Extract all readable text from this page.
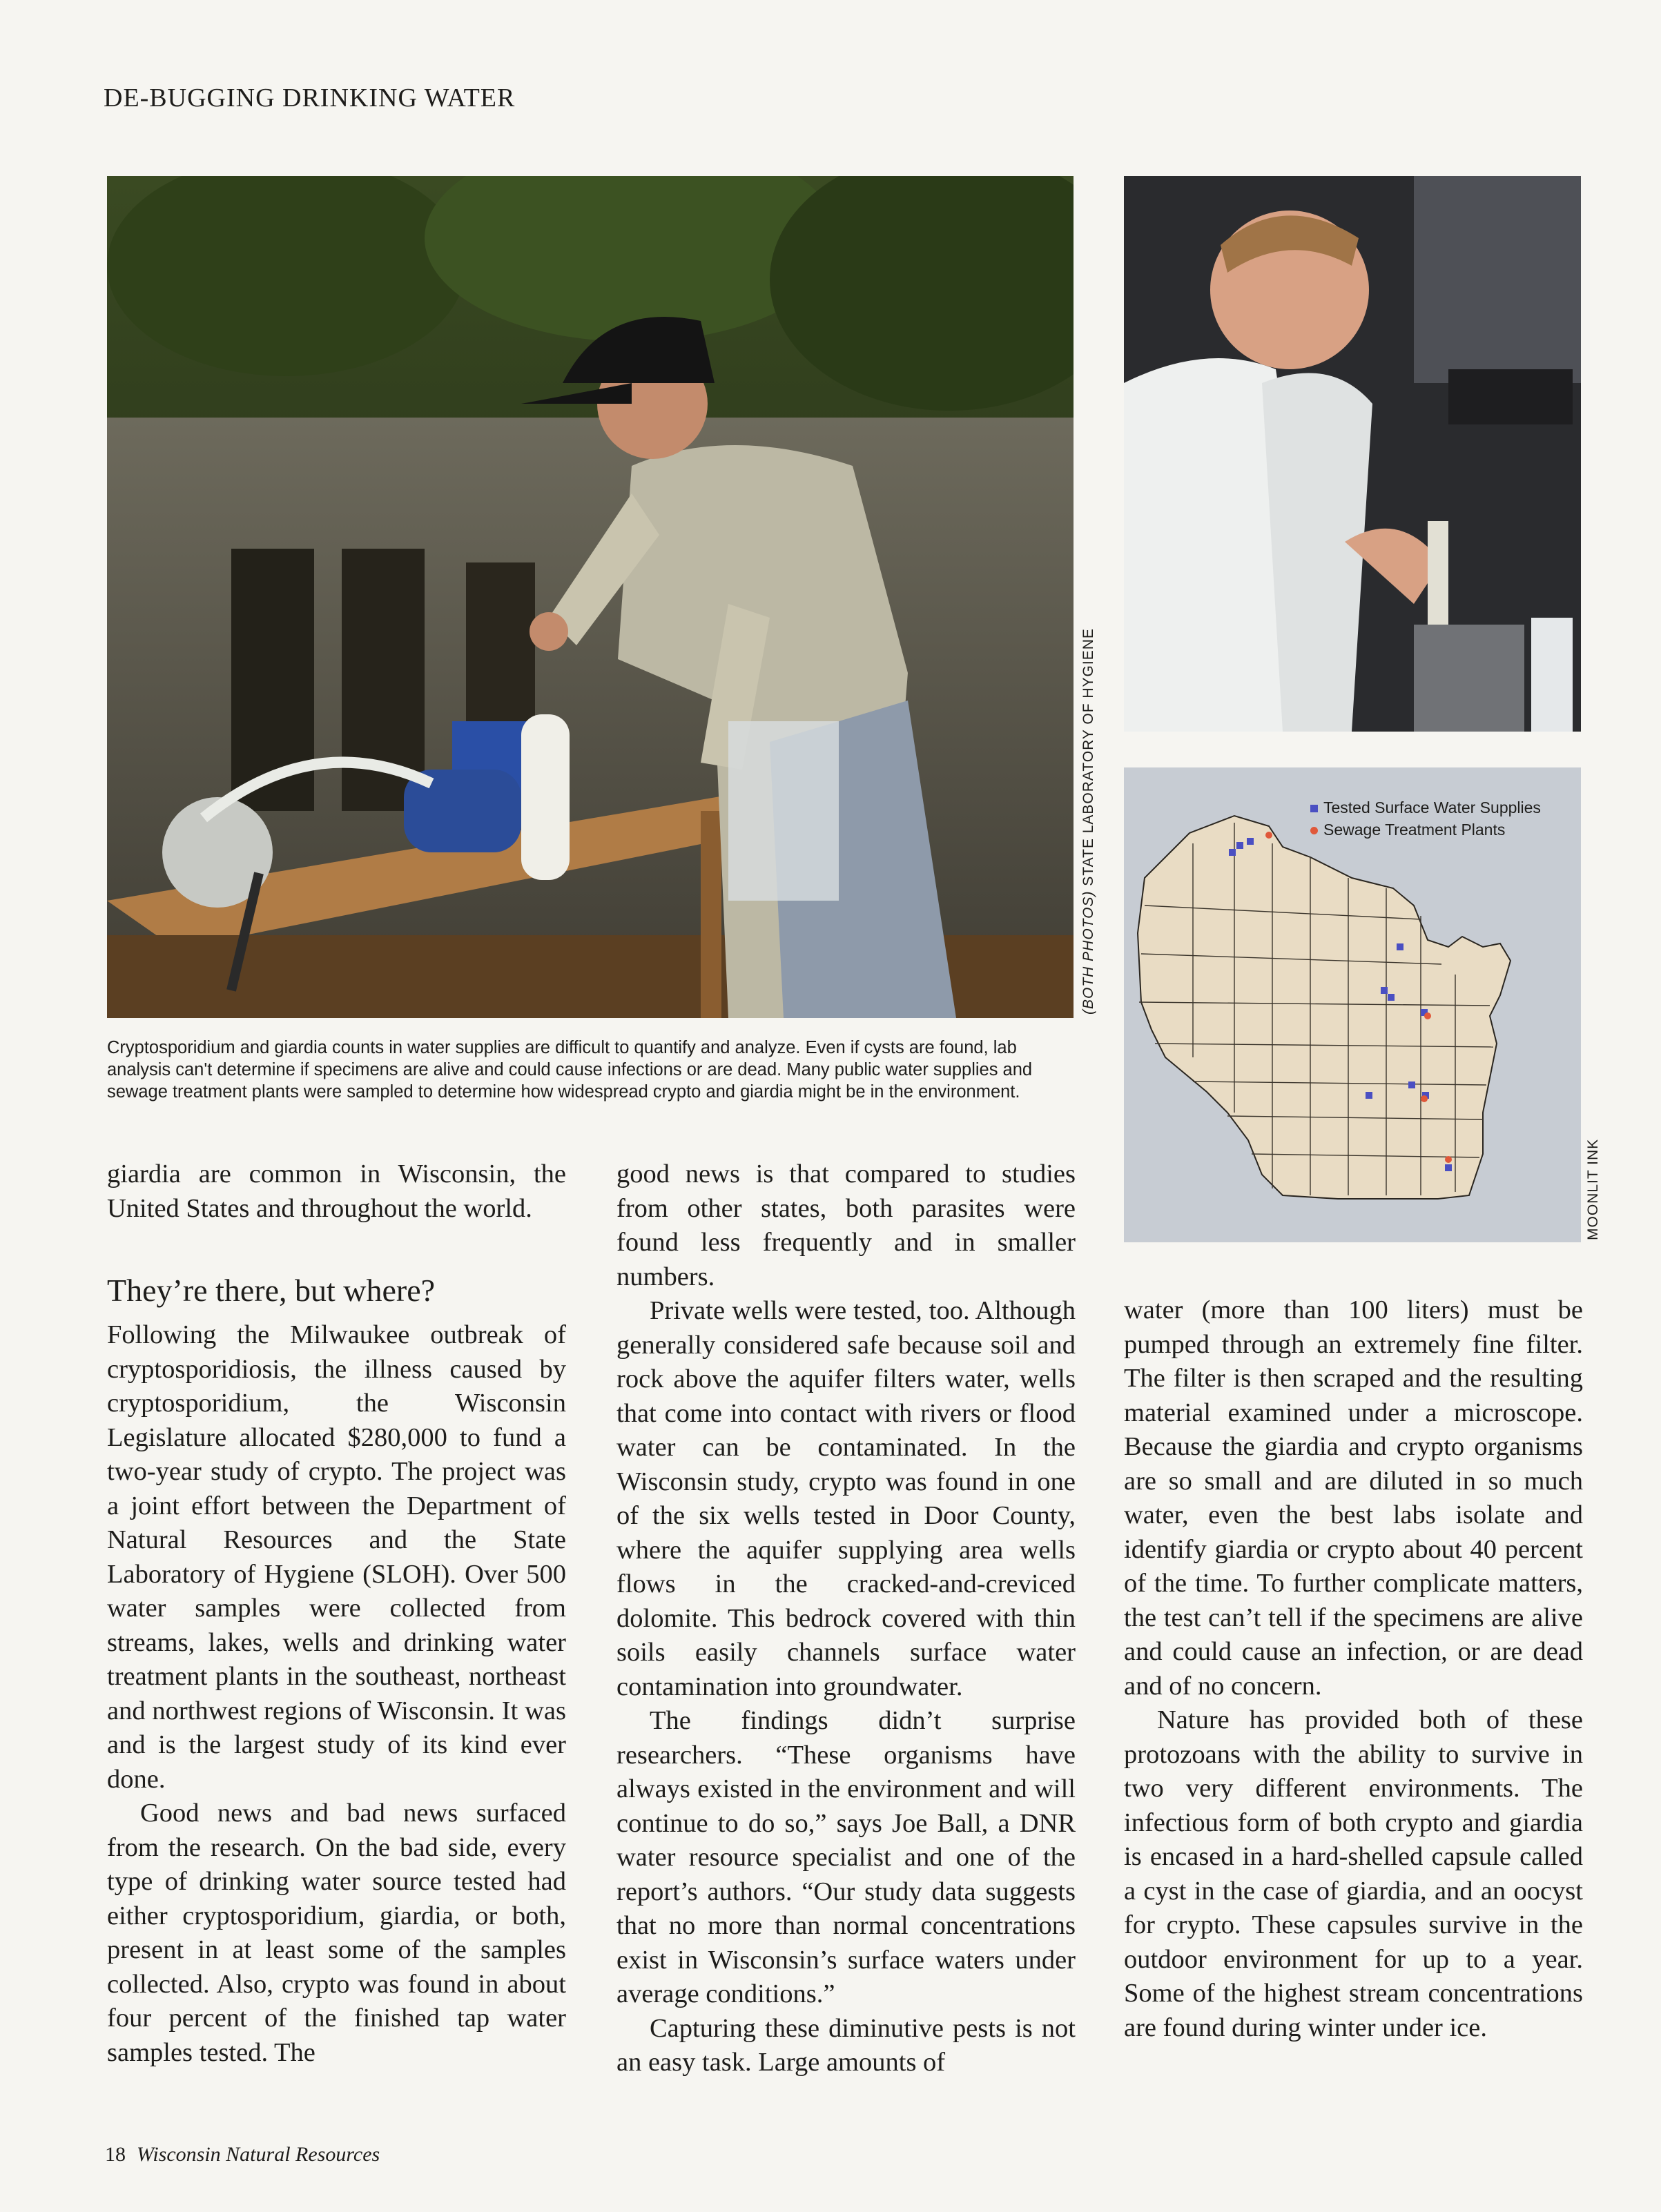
DE-BUGGING DRINKING WATER
(BOTH PHOTOS) STATE LABORATORY OF HYGIENE
Cryptosporidium and giardia counts in water supplies are difficult to quantify and analyze. Even if cysts are found, lab analysis can't determine if specimens are alive and could cause infections or are dead. Many public water supplies and sewage treatment plants were sampled to determine how widespread crypto and giardia might be in the environment.
Tested Surface Water Supplies
Sewage Treatment Plants
MOONLIT INK

giardia are common in Wisconsin, the United States and throughout the world.

They’re there, but where?

Following the Milwaukee outbreak of cryptosporidiosis, the illness caused by cryptosporidium, the Wisconsin Legislature allocated $280,000 to fund a two-year study of crypto. The project was a joint effort between the Department of Natural Resources and the State Laboratory of Hygiene (SLOH). Over 500 water samples were collected from streams, lakes, wells and drinking water treatment plants in the southeast, northeast and northwest regions of Wisconsin. It was and is the largest study of its kind ever done.

Good news and bad news surfaced from the research. On the bad side, every type of drinking water source tested had either cryptosporidium, giardia, or both, present in at least some of the samples collected. Also, crypto was found in about four percent of the finished tap water samples tested. The

good news is that compared to studies from other states, both parasites were found less frequently and in smaller numbers.

Private wells were tested, too. Although generally considered safe because soil and rock above the aquifer filters water, wells that come into contact with rivers or flood water can be contaminated. In the Wisconsin study, crypto was found in one of the six wells tested in Door County, where the aquifer supplying area wells flows in the cracked-and-creviced dolomite. This bedrock covered with thin soils easily channels surface water contamination into groundwater.

The findings didn’t surprise researchers. “These organisms have always existed in the environment and will continue to do so,” says Joe Ball, a DNR water resource specialist and one of the report’s authors. “Our study data suggests that no more than normal concentrations exist in Wisconsin’s surface waters under average conditions.”

Capturing these diminutive pests is not an easy task. Large amounts of

water (more than 100 liters) must be pumped through an extremely fine filter. The filter is then scraped and the resulting material examined under a microscope. Because the giardia and crypto organisms are so small and are diluted in so much water, even the best labs isolate and identify giardia or crypto about 40 percent of the time. To further complicate matters, the test can’t tell if the specimens are alive and could cause an infection, or are dead and of no concern.

Nature has provided both of these protozoans with the ability to survive in two very different environments. The infectious form of both crypto and giardia is encased in a hard-shelled capsule called a cyst in the case of giardia, and an oocyst for crypto. These capsules survive in the outdoor environment for up to a year. Some of the highest stream concentrations are found during winter under ice.

18 Wisconsin Natural Resources
